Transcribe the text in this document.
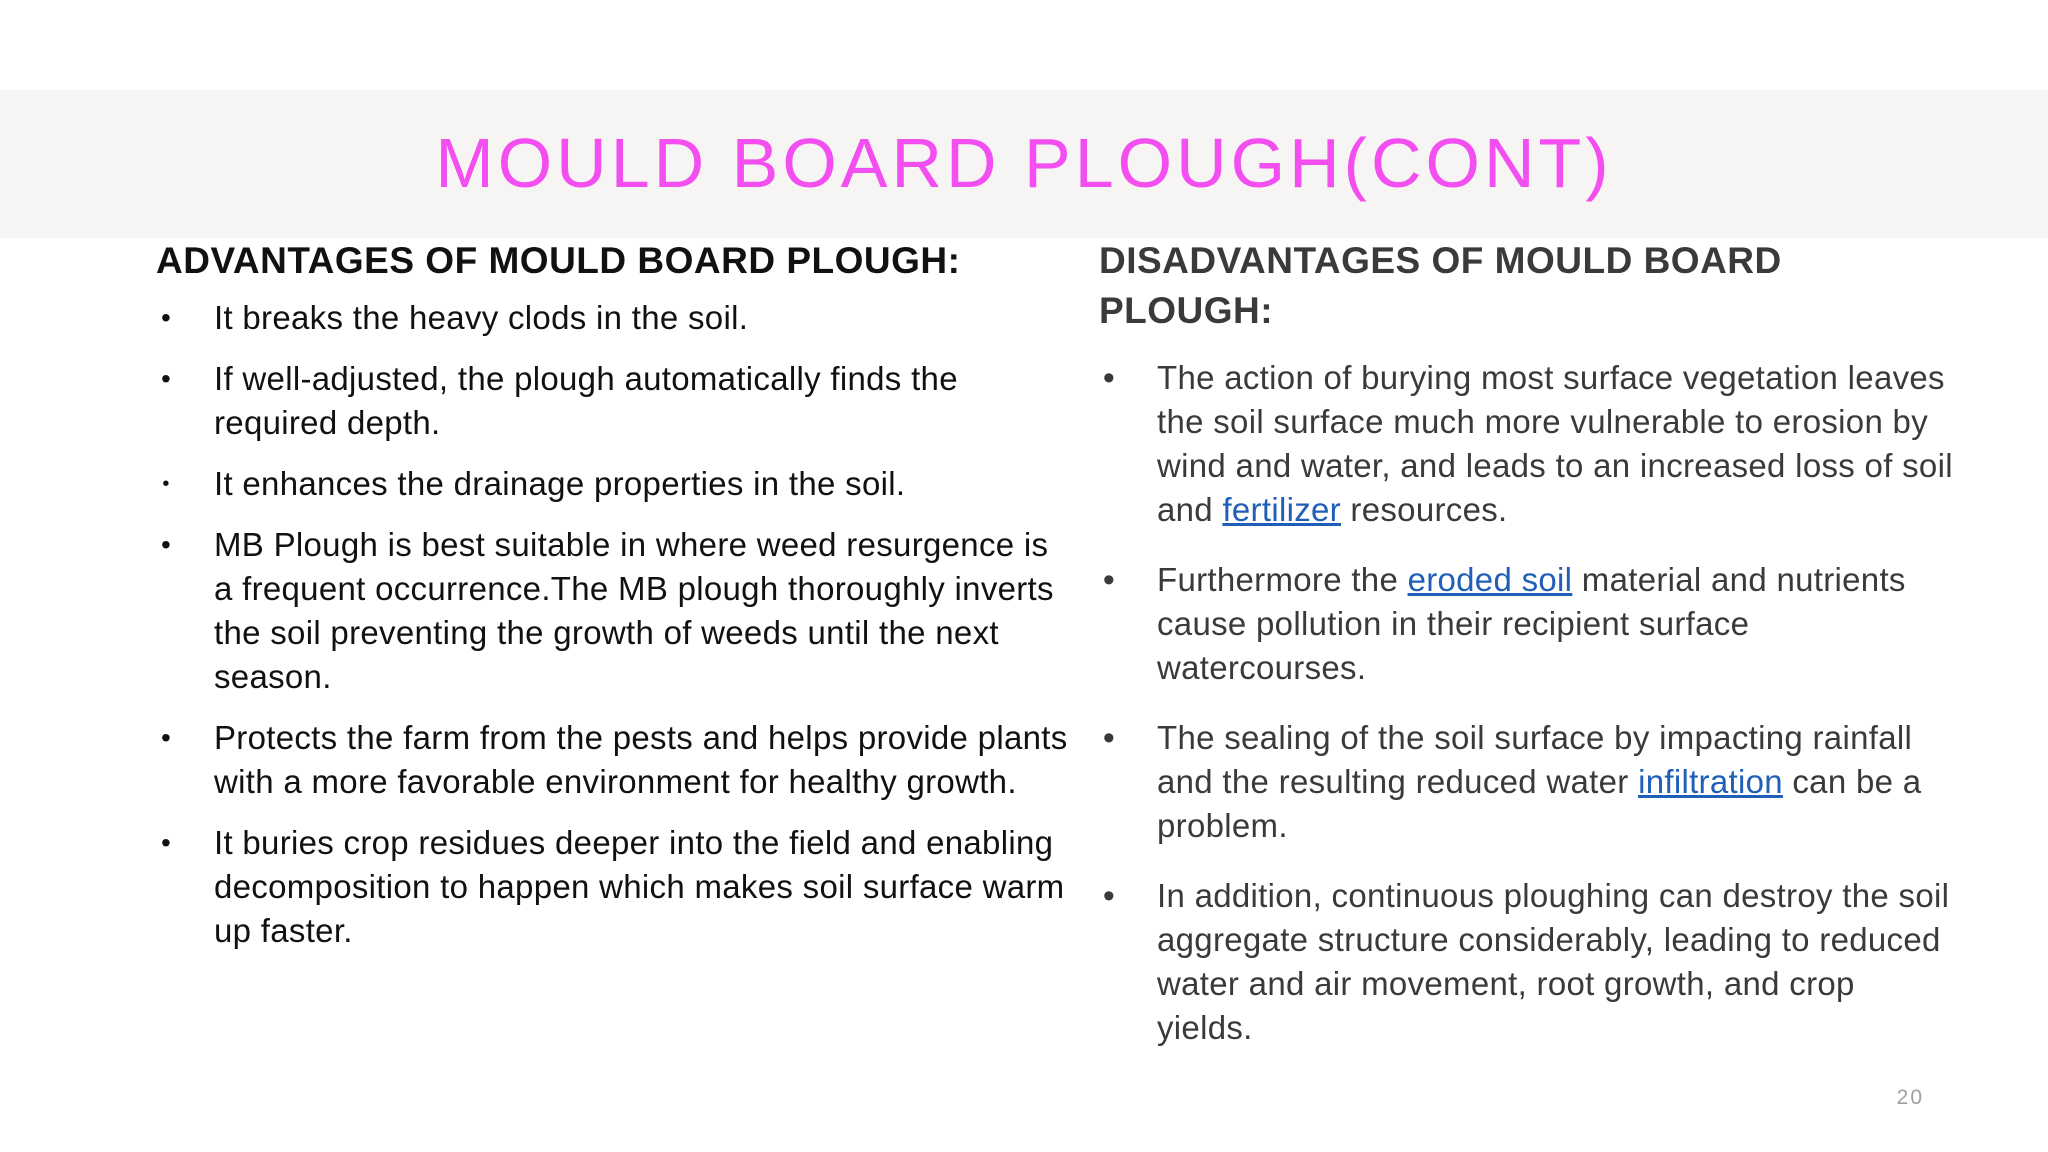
MOULD BOARD PLOUGH(CONT)
ADVANTAGES OF MOULD BOARD PLOUGH:
• It breaks the heavy clods in the soil.
• If well-adjusted, the plough automatically finds the required depth.
• It enhances the drainage properties in the soil.
• MB Plough is best suitable in where weed resurgence is a frequent occurrence.The MB plough thoroughly inverts the soil preventing the growth of weeds until the next season.
• Protects the farm from the pests and helps provide plants with a more favorable environment for healthy growth.
• It buries crop residues deeper into the field and enabling decomposition to happen which makes soil surface warm up faster.
DISADVANTAGES OF MOULD BOARD PLOUGH:
• The action of burying most surface vegetation leaves the soil surface much more vulnerable to erosion by wind and water, and leads to an increased loss of soil and fertilizer resources.
• Furthermore the eroded soil material and nutrients cause pollution in their recipient surface watercourses.
• The sealing of the soil surface by impacting rainfall and the resulting reduced water infiltration can be a problem.
• In addition, continuous ploughing can destroy the soil aggregate structure considerably, leading to reduced water and air movement, root growth, and crop yields.
20
